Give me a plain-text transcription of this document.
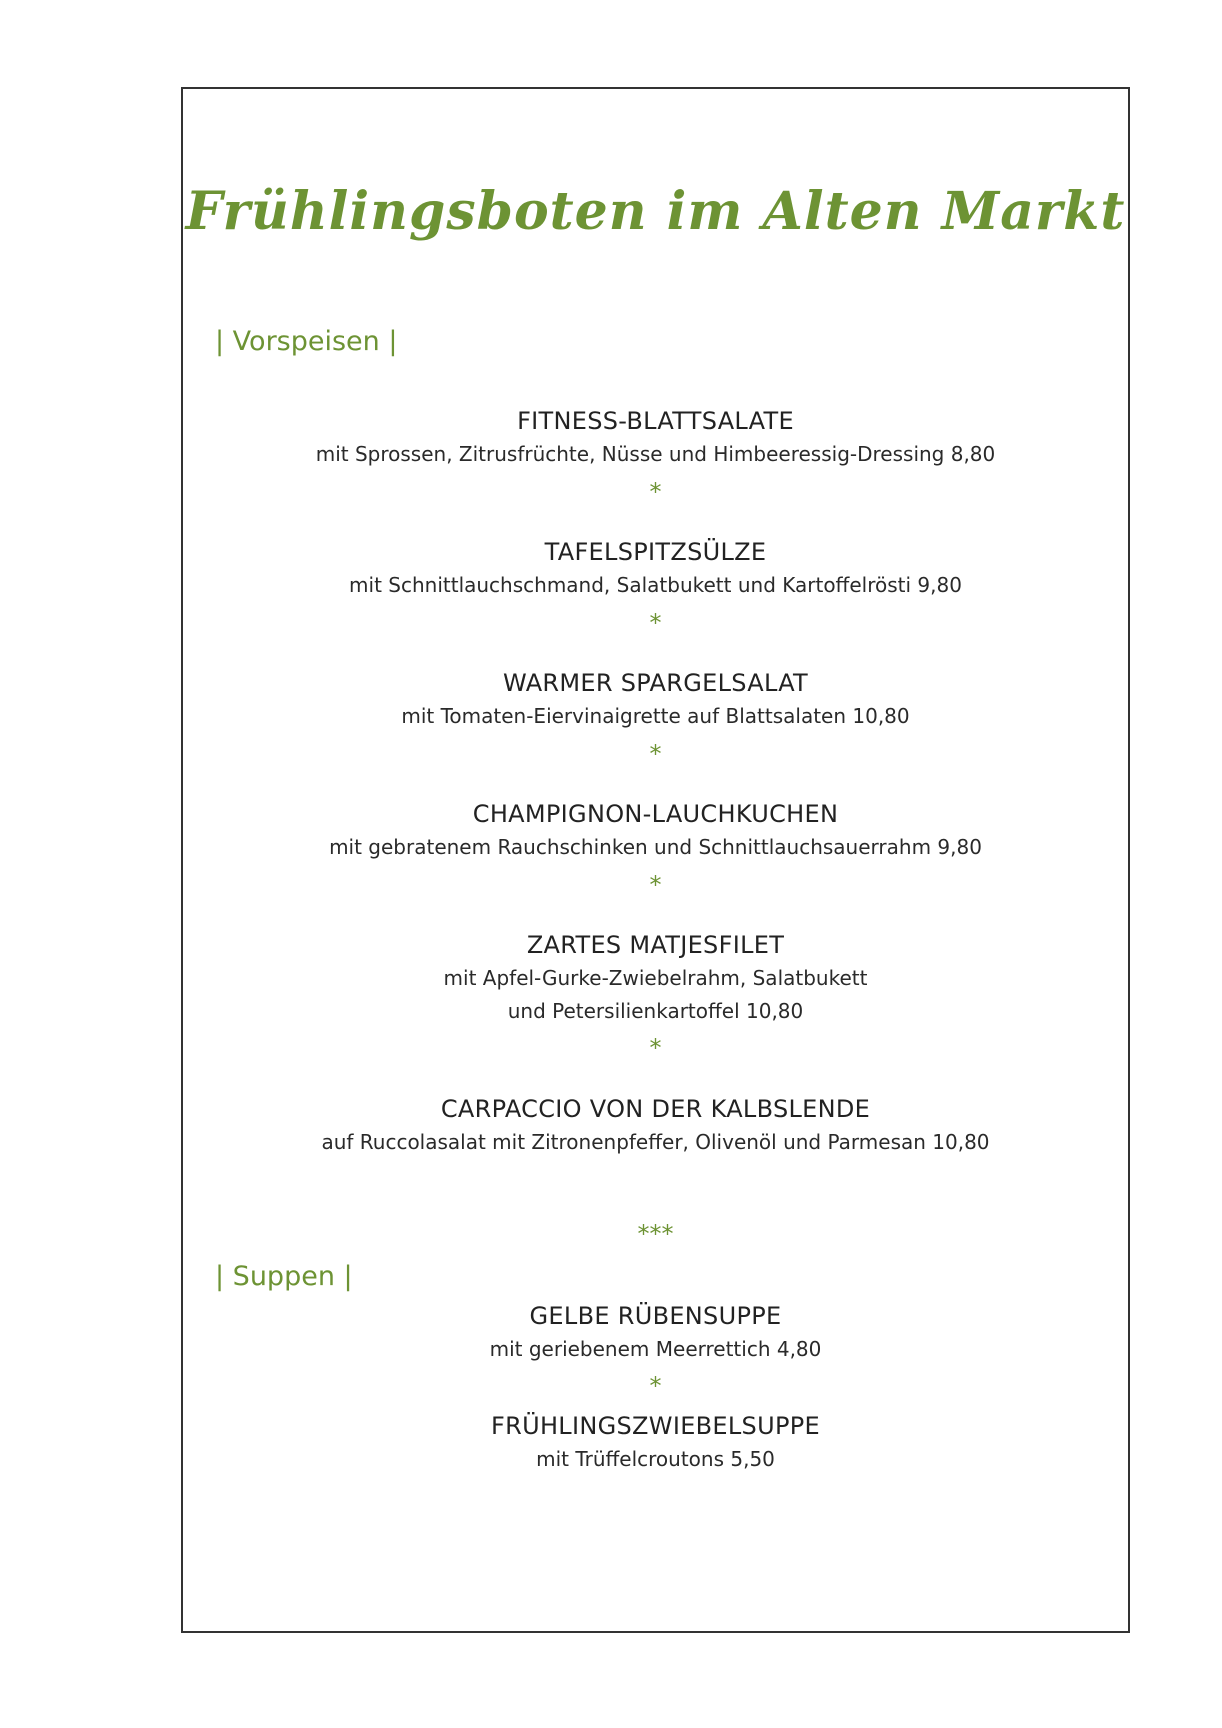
Frühlingsboten im Alten Markt
| Vorspeisen |
FITNESS-BLATTSALATE
mit Sprossen, Zitrusfrüchte, Nüsse und Himbeeressig-Dressing 8,80
*
TAFELSPITZSÜLZE
mit Schnittlauchschmand, Salatbukett und Kartoffelrösti 9,80
*
WARMER SPARGELSALAT
mit Tomaten-Eiervinaigrette auf Blattsalaten 10,80
*
CHAMPIGNON-LAUCHKUCHEN
mit gebratenem Rauchschinken und Schnittlauchsauerrahm 9,80
*
ZARTES MATJESFILET
mit Apfel-Gurke-Zwiebelrahm, Salatbukett
und Petersilienkartoffel 10,80
*
CARPACCIO VON DER KALBSLENDE
auf Ruccolasalat mit Zitronenpfeffer, Olivenöl und Parmesan 10,80
***
| Suppen |
GELBE RÜBENSUPPE
mit geriebenem Meerrettich 4,80
*
FRÜHLINGSZWIEBELSUPPE
mit Trüffelcroutons 5,50
